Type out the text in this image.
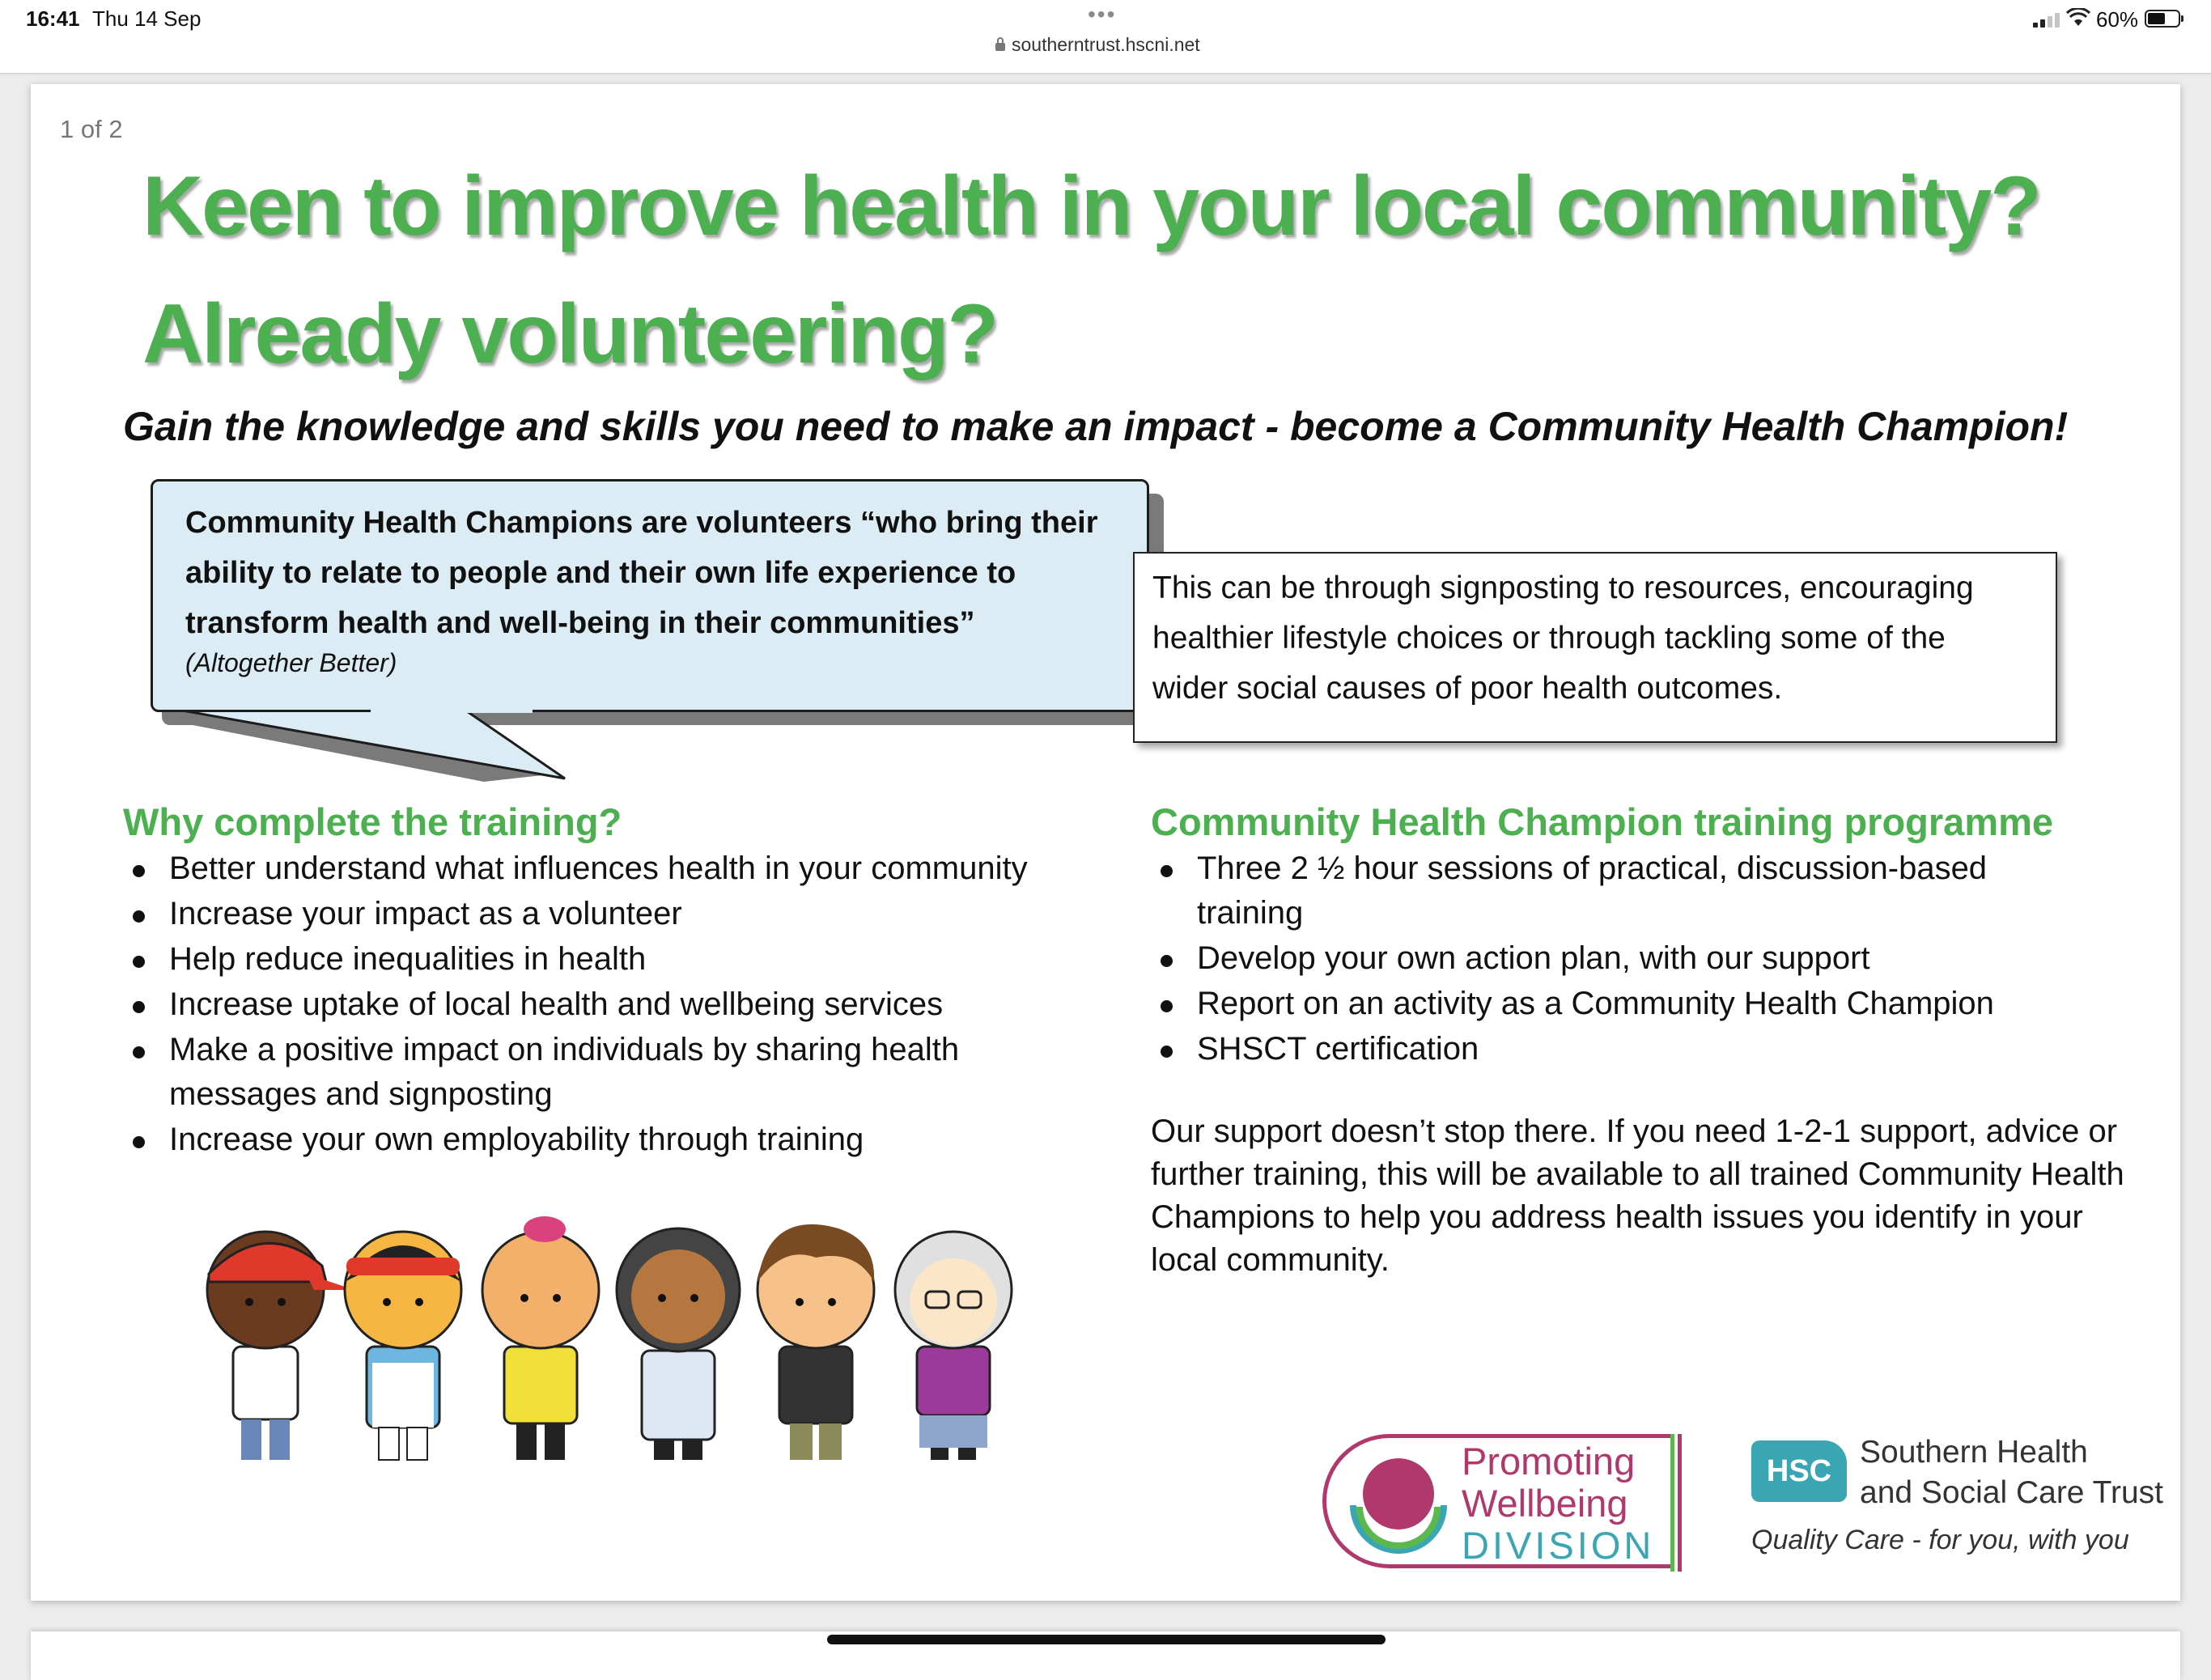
16:41 Thu 14 Sep	•••
southerntrust.hscni.net
60%
1 of 2
Keen to improve health in your local community?
Already volunteering?
Gain the knowledge and skills you need to make an impact - become a Community Health Champion!
Community Health Champions are volunteers “who bring their
ability to relate to people and their own life experience to
transform health and well-being in their communities”
(Altogether Better)
This can be through signposting to resources, encouraging
healthier lifestyle choices or through tackling some of the
wider social causes of poor health outcomes.
Why complete the training?
Better understand what influences health in your community
Increase your impact as a volunteer
Help reduce inequalities in health
Increase uptake of local health and wellbeing services
Make a positive impact on individuals by sharing health messages and signposting
Increase your own employability through training
Community Health Champion training programme
Three 2 ½ hour sessions of practical, discussion-based training
Develop your own action plan, with our support
Report on an activity as a Community Health Champion
SHSCT certification
Our support doesn’t stop there. If you need 1-2-1 support, advice or further training, this will be available to all trained Community Health Champions to help you address health issues you identify in your local community.
Promoting
Wellbeing
DIVISION
HSC
Southern Health
and Social Care Trust
Quality Care - for you, with you
